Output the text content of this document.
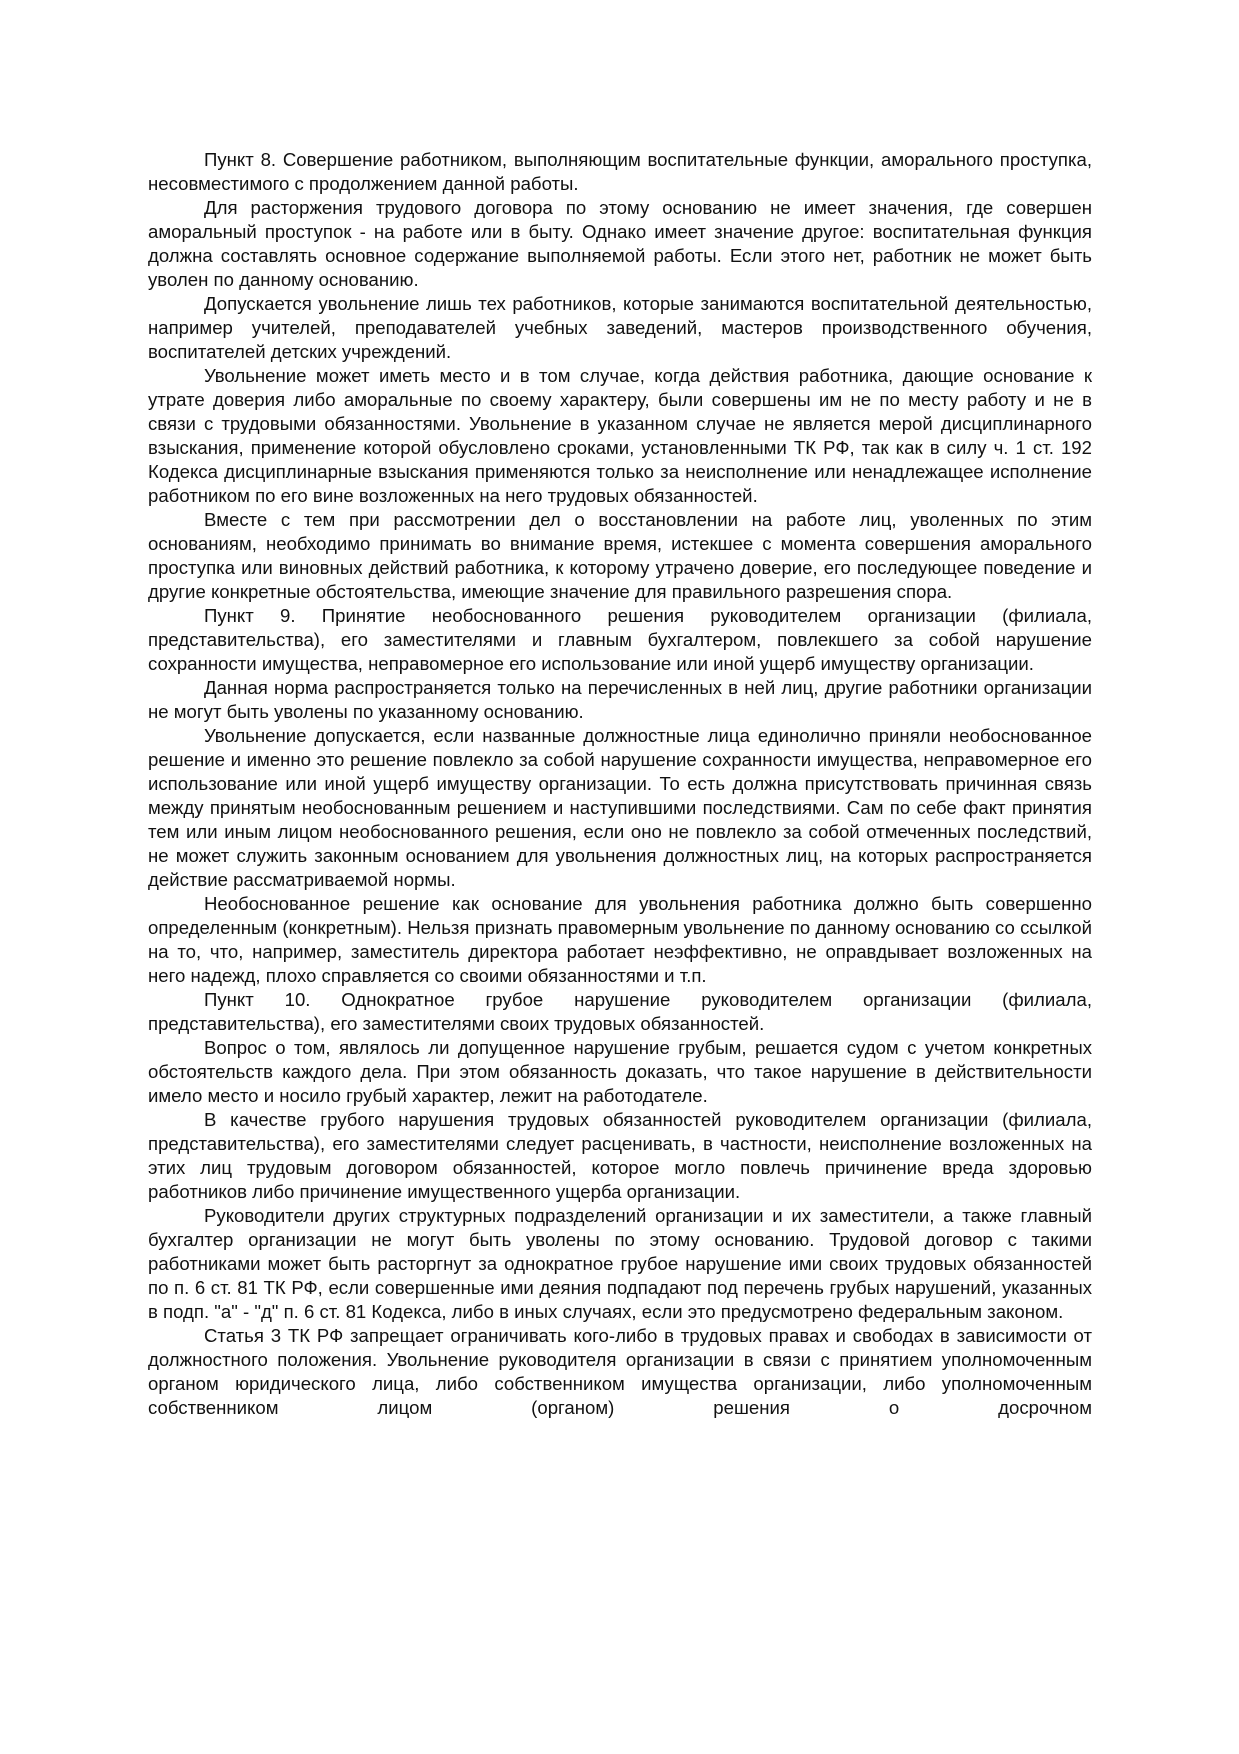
Пункт 8. Совершение работником, выполняющим воспитательные функции, аморального проступка, несовместимого с продолжением данной работы.

Для расторжения трудового договора по этому основанию не имеет значения, где совершен аморальный проступок - на работе или в быту. Однако имеет значение другое: воспитательная функция должна составлять основное содержание выполняемой работы. Если этого нет, работник не может быть уволен по данному основанию.

Допускается увольнение лишь тех работников, которые занимаются воспитательной деятельностью, например учителей, преподавателей учебных заведений, мастеров производственного обучения, воспитателей детских учреждений.

Увольнение может иметь место и в том случае, когда действия работника, дающие основание к утрате доверия либо аморальные по своему характеру, были совершены им не по месту работу и не в связи с трудовыми обязанностями. Увольнение в указанном случае не является мерой дисциплинарного взыскания, применение которой обусловлено сроками, установленными ТК РФ, так как в силу ч. 1 ст. 192 Кодекса дисциплинарные взыскания применяются только за неисполнение или ненадлежащее исполнение работником по его вине возложенных на него трудовых обязанностей.

Вместе с тем при рассмотрении дел о восстановлении на работе лиц, уволенных по этим основаниям, необходимо принимать во внимание время, истекшее с момента совершения аморального проступка или виновных действий работника, к которому утрачено доверие, его последующее поведение и другие конкретные обстоятельства, имеющие значение для правильного разрешения спора.

Пункт 9. Принятие необоснованного решения руководителем организации (филиала, представительства), его заместителями и главным бухгалтером, повлекшего за собой нарушение сохранности имущества, неправомерное его использование или иной ущерб имуществу организации.

Данная норма распространяется только на перечисленных в ней лиц, другие работники организации не могут быть уволены по указанному основанию.

Увольнение допускается, если названные должностные лица единолично приняли необоснованное решение и именно это решение повлекло за собой нарушение сохранности имущества, неправомерное его использование или иной ущерб имуществу организации. То есть должна присутствовать причинная связь между принятым необоснованным решением и наступившими последствиями. Сам по себе факт принятия тем или иным лицом необоснованного решения, если оно не повлекло за собой отмеченных последствий, не может служить законным основанием для увольнения должностных лиц, на которых распространяется действие рассматриваемой нормы.

Необоснованное решение как основание для увольнения работника должно быть совершенно определенным (конкретным). Нельзя признать правомерным увольнение по данному основанию со ссылкой на то, что, например, заместитель директора работает неэффективно, не оправдывает возложенных на него надежд, плохо справляется со своими обязанностями и т.п.

Пункт 10. Однократное грубое нарушение руководителем организации (филиала, представительства), его заместителями своих трудовых обязанностей.

Вопрос о том, являлось ли допущенное нарушение грубым, решается судом с учетом конкретных обстоятельств каждого дела. При этом обязанность доказать, что такое нарушение в действительности имело место и носило грубый характер, лежит на работодателе.

В качестве грубого нарушения трудовых обязанностей руководителем организации (филиала, представительства), его заместителями следует расценивать, в частности, неисполнение возложенных на этих лиц трудовым договором обязанностей, которое могло повлечь причинение вреда здоровью работников либо причинение имущественного ущерба организации.

Руководители других структурных подразделений организации и их заместители, а также главный бухгалтер организации не могут быть уволены по этому основанию. Трудовой договор с такими работниками может быть расторгнут за однократное грубое нарушение ими своих трудовых обязанностей по п. 6 ст. 81 ТК РФ, если совершенные ими деяния подпадают под перечень грубых нарушений, указанных в подп. "а" - "д" п. 6 ст. 81 Кодекса, либо в иных случаях, если это предусмотрено федеральным законом.

Статья 3 ТК РФ запрещает ограничивать кого-либо в трудовых правах и свободах в зависимости от должностного положения. Увольнение руководителя организации в связи с принятием уполномоченным органом юридического лица, либо собственником имущества организации, либо уполномоченным собственником лицом (органом) решения о досрочном
